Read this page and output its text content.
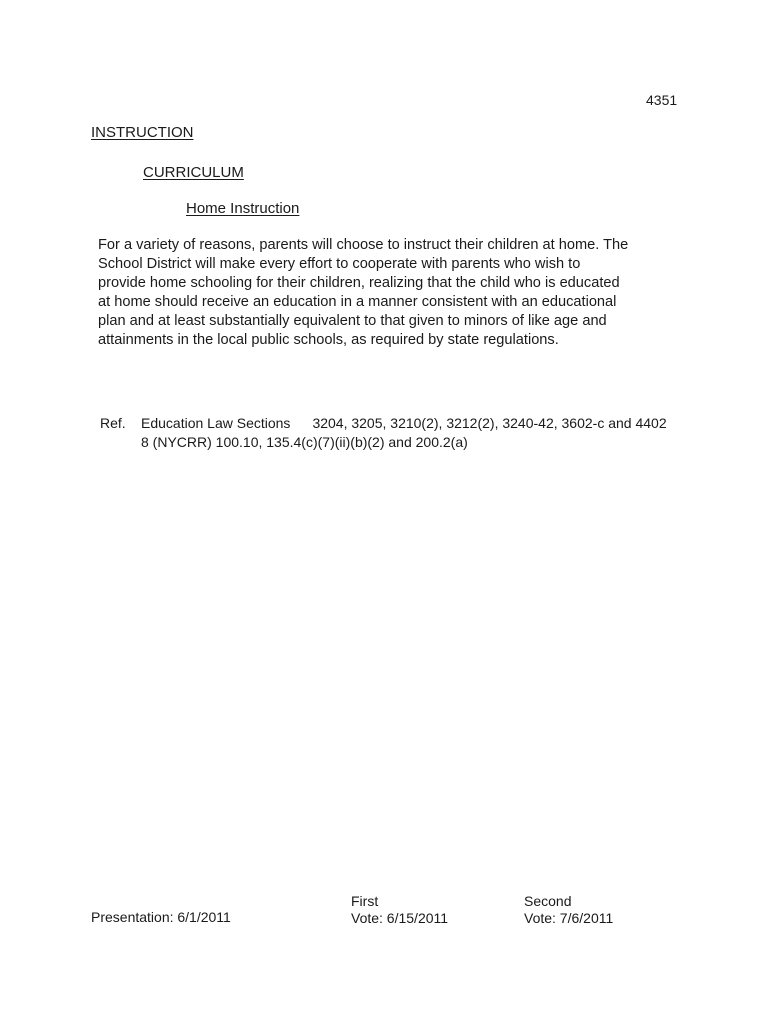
4351
INSTRUCTION
CURRICULUM
Home Instruction
For a variety of reasons, parents will choose to instruct their children at home. The
School District will make every effort to cooperate with parents who wish to
provide home schooling for their children, realizing that the child who is educated
at home should receive an education in a manner consistent with an educational
plan and at least substantially equivalent to that given to minors of like age and
attainments in the local public schools, as required by state regulations.
Ref. Education Law Sections 3204, 3205, 3210(2), 3212(2), 3240-42, 3602-c and 4402
8 (NYCRR) 100.10, 135.4(c)(7)(ii)(b)(2) and 200.2(a)
Presentation: 6/1/2011
First
Vote: 6/15/2011
Second
Vote: 7/6/2011
